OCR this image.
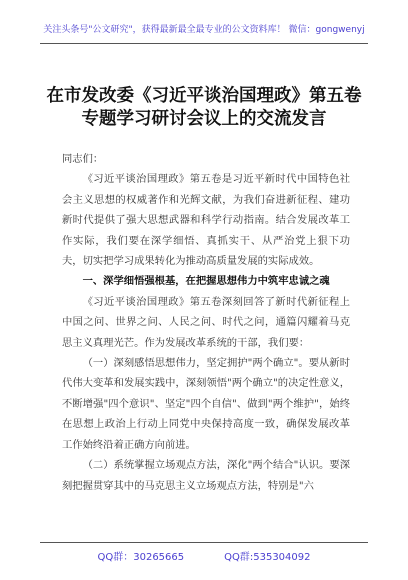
关注头条号"公文研究"，获得最新最全最专业的公文资料库！ 微信：gongwenyj
在市发改委《习近平谈治国理政》第五卷专题学习研讨会议上的交流发言

同志们：

《习近平谈治国理政》第五卷是习近平新时代中国特色社会主义思想的权威著作和光辉文献，为我们奋进新征程、建功新时代提供了强大思想武器和科学行动指南。结合发展改革工作实际，我们要在深学细悟、真抓实干、从严治党上狠下功夫，切实把学习成果转化为推动高质量发展的实际成效。

一、深学细悟强根基，在把握思想伟力中筑牢忠诚之魂

《习近平谈治国理政》第五卷深刻回答了新时代新征程上中国之问、世界之问、人民之问、时代之问，通篇闪耀着马克思主义真理光芒。作为发展改革系统的干部，我们要：

（一）深刻感悟思想伟力，坚定拥护"两个确立"。要从新时代伟大变革和发展实践中，深刻领悟"两个确立"的决定性意义，不断增强"四个意识"、坚定"四个自信"、做到"两个维护"，始终在思想上政治上行动上同党中央保持高度一致，确保发展改革工作始终沿着正确方向前进。

（二）系统掌握立场观点方法，深化"两个结合"认识。要深刻把握贯穿其中的马克思主义立场观点方法，特别是"六

QQ群：30265665	QQ群:535304092
